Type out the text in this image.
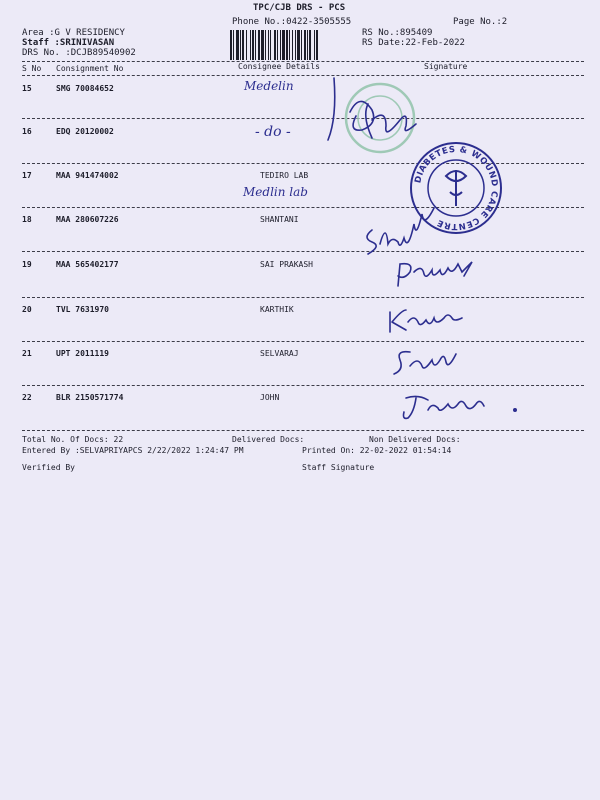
TPC/CJB DRS - PCS
Phone No.:0422-3505555	Page No.:2
Area :G V RESIDENCY
Staff :SRINIVASAN
DRS No. :DCJB89540902
RS No.:895409
RS Date:22-Feb-2022
S No Consignment No	Consignee Details	Signature
15	SMG 70084652	Medelin
16	EDQ 20120002	- do -
17	MAA 941474002	TEDIRO LAB
Medlin lab
18	MAA 280607226	SHANTANI
19	MAA 565402177	SAI PRAKASH
20	TVL 7631970	KARTHIK
21	UPT 2011119	SELVARAJ
22	BLR 2150571774	JOHN
Total No. Of Docs: 22	Delivered Docs:	Non Delivered Docs:
Entered By :SELVAPRIYAPCS 2/22/2022 1:24:47 PM	Printed On: 22-02-2022 01:54:14
Verified By	Staff Signature
DIABETES & WOUND CARE CENTRE
